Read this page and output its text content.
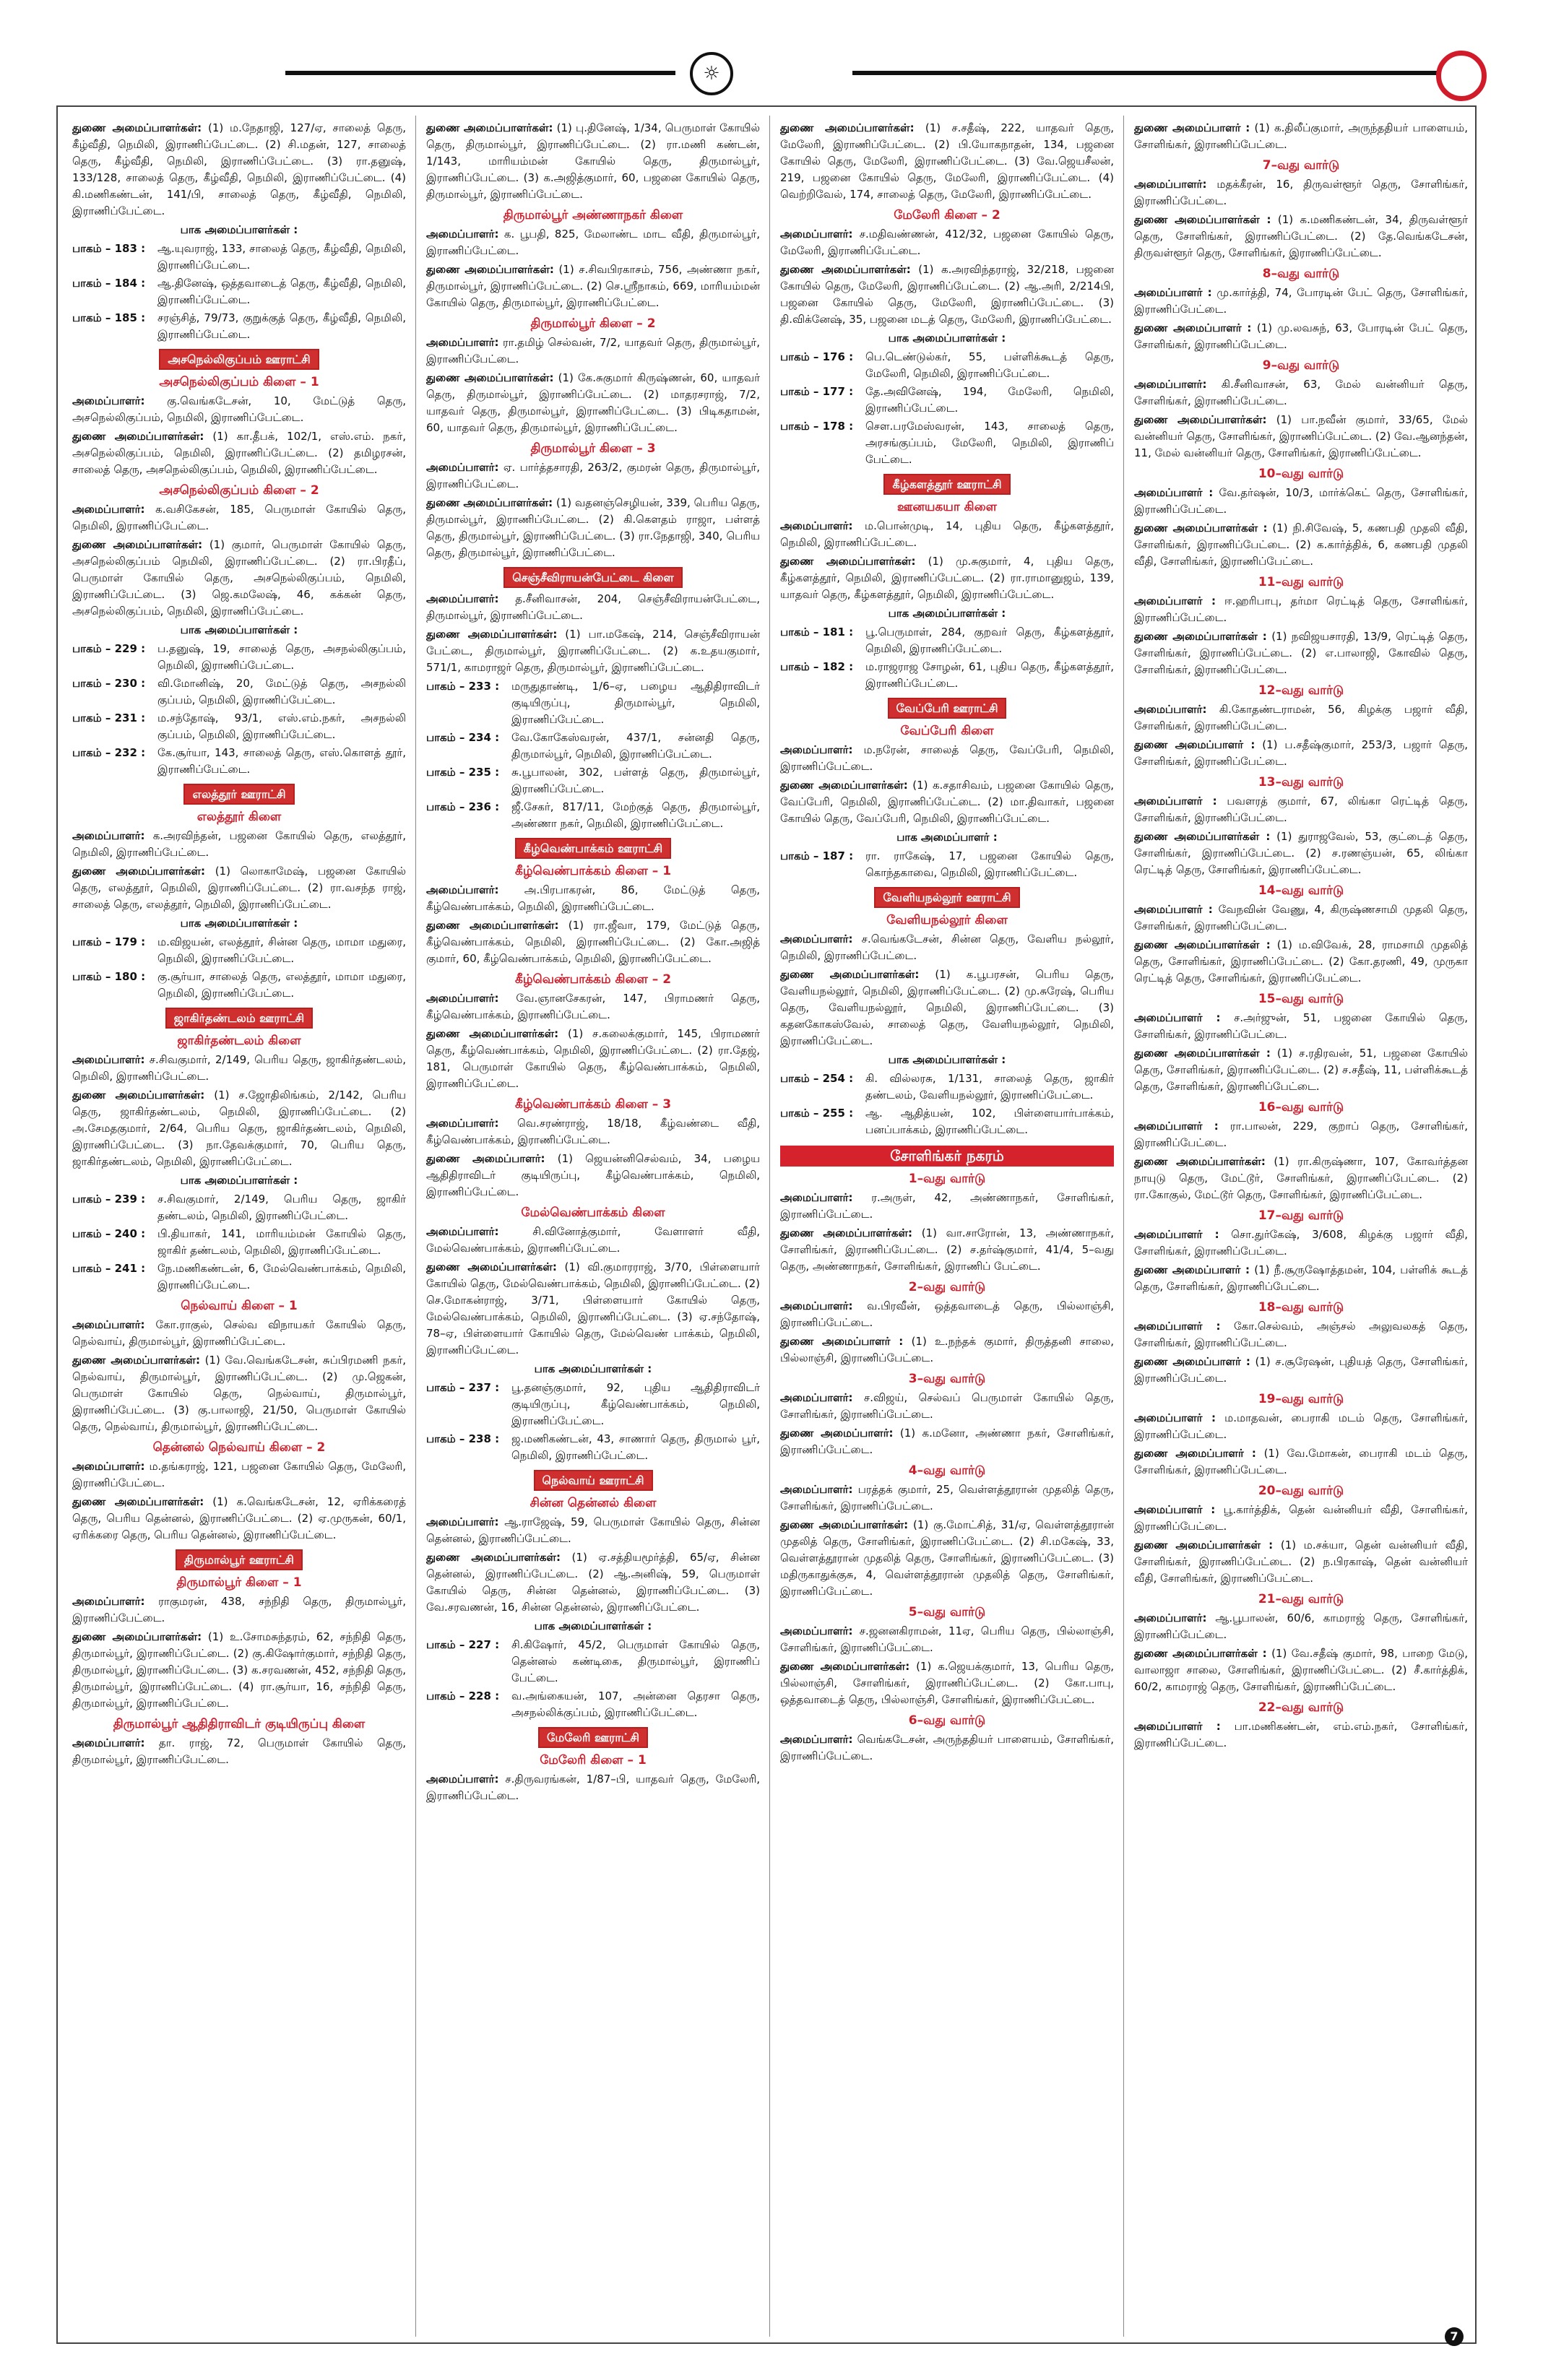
☼
துணை அமைப்பாளர்கள்: (1) ம.நேதாஜி, 127/ஏ, சாலைத் தெரு, கீழ்வீதி, நெமிலி, இராணிப்பேட்டை. (2) சி.மதன், 127, சாலைத் தெரு, கீழ்வீதி, நெமிலி, இராணிப்பேட்டை. (3) ரா.தனுஷ், 133/128, சாலைத் தெரு, கீழ்வீதி, நெமிலி, இராணிப்பேட்டை. (4) கி.மணிகண்டன், 141/பி, சாலைத் தெரு, கீழ்வீதி, நெமிலி, இராணிப்பேட்டை.
பாக அமைப்பாளர்கள் :
பாகம் – 183 :	ஆ.யுவராஜ், 133, சாலைத் தெரு, கீழ்வீதி, நெமிலி, இராணிப்பேட்டை.
பாகம் – 184 :	ஆ.தினேஷ், ஒத்தவாடைத் தெரு, கீழ்வீதி, நெமிலி, இராணிப்பேட்டை.
பாகம் – 185 :	சரஞ்சித், 79/73, குறுக்குத் தெரு, கீழ்வீதி, நெமிலி, இராணிப்பேட்டை.
அசநெல்லிகுப்பம் ஊராட்சி
அசநெல்லிகுப்பம் கிளை – 1
அமைப்பாளர்: கு.வெங்கடேசன், 10, மேட்டுத் தெரு, அசநெல்லிகுப்பம், நெமிலி, இராணிப்பேட்டை.
துணை அமைப்பாளர்கள்: (1) கா.தீபக், 102/1, எஸ்.எம். நகர், அசநெல்லிகுப்பம், நெமிலி, இராணிப்பேட்டை. (2) தமிழரசன், சாலைத் தெரு, அசநெல்லிகுப்பம், நெமிலி, இராணிப்பேட்டை.
அசநெல்லிகுப்பம் கிளை – 2
அமைப்பாளர்: க.வசிகேசன், 185, பெருமாள் கோயில் தெரு, நெமிலி, இராணிப்பேட்டை.
துணை அமைப்பாளர்கள்: (1) குமார், பெருமாள் கோயில் தெரு, அசநெல்லிகுப்பம் நெமிலி, இராணிப்பேட்டை. (2) ரா.பிரதீப், பெருமாள் கோயில் தெரு, அசநெல்லிகுப்பம், நெமிலி, இராணிப்பேட்டை. (3) ஜெ.கமலேஷ், 46, கக்கன் தெரு, அசநெல்லிகுப்பம், நெமிலி, இராணிப்பேட்டை.
பாக அமைப்பாளர்கள் :
பாகம் – 229 :	ப.தனுஷ், 19, சாலைத் தெரு, அசநல்லிகுப்பம், நெமிலி, இராணிப்பேட்டை.
பாகம் – 230 :	வி.மோனிஷ், 20, மேட்டுத் தெரு, அசநல்லி குப்பம், நெமிலி, இராணிப்பேட்டை.
பாகம் – 231 :	ம.சந்தோஷ், 93/1, எஸ்.எம்.நகர், அசநல்லி குப்பம், நெமிலி, இராணிப்பேட்டை.
பாகம் – 232 :	கே.சூர்யா, 143, சாலைத் தெரு, எஸ்.கொளத் தூர், இராணிப்பேட்டை.
எலத்தூர் ஊராட்சி
எலத்தூர் கிளை
அமைப்பாளர்: க.அரவிந்தன், பஜனை கோயில் தெரு, எலத்தூர், நெமிலி, இராணிப்பேட்டை.
துணை அமைப்பாளர்கள்: (1) லொகாமேஷ், பஜனை கோயில் தெரு, எலத்தூர், நெமிலி, இராணிப்பேட்டை. (2) ரா.வசந்த ராஜ், சாலைத் தெரு, எலத்தூர், நெமிலி, இராணிப்பேட்டை.
பாக அமைப்பாளர்கள் :
பாகம் – 179 :	ம.விஜயன், எலத்தூர், சின்ன தெரு, மாமா மதுரை, நெமிலி, இராணிப்பேட்டை.
பாகம் – 180 :	கு.சூர்யா, சாலைத் தெரு, எலத்தூர், மாமா மதுரை, நெமிலி, இராணிப்பேட்டை.
ஜாகிர்தண்டலம் ஊராட்சி
ஜாகிர்தண்டலம் கிளை
அமைப்பாளர்: ச.சிவகுமார், 2/149, பெரிய தெரு, ஜாகிர்தண்டலம், நெமிலி, இராணிப்பேட்டை.
துணை அமைப்பாளர்கள்: (1) ச.ஜோதிலிங்கம், 2/142, பெரிய தெரு, ஜாகிர்தண்டலம், நெமிலி, இராணிப்பேட்டை. (2) அ.சேமதகுமார், 2/64, பெரிய தெரு, ஜாகிர்தண்டலம், நெமிலி, இராணிப்பேட்டை. (3) நா.தேவக்குமார், 70, பெரிய தெரு, ஜாகிர்தண்டலம், நெமிலி, இராணிப்பேட்டை.
பாக அமைப்பாளர்கள் :
பாகம் – 239 :	ச.சிவகுமார், 2/149, பெரிய தெரு, ஜாகிர் தண்டலம், நெமிலி, இராணிப்பேட்டை.
பாகம் – 240 :	பி.தியாகர், 141, மாரியம்மன் கோயில் தெரு, ஜாகிர் தண்டலம், நெமிலி, இராணிப்பேட்டை.
பாகம் – 241 :	நே.மணிகண்டன், 6, மேல்வெண்பாக்கம், நெமிலி, இராணிப்பேட்டை.
நெல்வாய் கிளை – 1
அமைப்பாளர்: கோ.ராகுல், செல்வ விநாயகர் கோயில் தெரு, நெல்வாய், திருமால்பூர், இராணிப்பேட்டை.
துணை அமைப்பாளர்கள்: (1) வே.வெங்கடேசன், சுப்பிரமணி நகர், நெல்வாய், திருமால்பூர், இராணிப்பேட்டை. (2) மு.ஜெகன், பெருமாள் கோயில் தெரு, நெல்வாய், திருமால்பூர், இராணிப்பேட்டை. (3) கு.பாலாஜி, 21/50, பெருமாள் கோயில் தெரு, நெல்வாய், திருமால்பூர், இராணிப்பேட்டை.
தென்னல் நெல்வாய் கிளை – 2
அமைப்பாளர்: ம.தங்கராஜ், 121, பஜனை கோயில் தெரு, மேலேரி, இராணிப்பேட்டை.
துணை அமைப்பாளர்கள்: (1) க.வெங்கடேசன், 12, ஏரிக்கரைத் தெரு, பெரிய தென்னல், இராணிப்பேட்டை. (2) ஏ.முருகன், 60/1, ஏரிக்கரை தெரு, பெரிய தென்னல், இராணிப்பேட்டை.
திருமால்பூர் ஊராட்சி
திருமால்பூர் கிளை – 1
அமைப்பாளர்: ராகுமரன், 438, சந்நிதி தெரு, திருமால்பூர், இராணிப்பேட்டை.
துணை அமைப்பாளர்கள்: (1) உ.சோமசுந்தரம், 62, சந்நிதி தெரு, திருமால்பூர், இராணிப்பேட்டை. (2) கு.கிஷோர்குமார், சந்நிதி தெரு, திருமால்பூர், இராணிப்பேட்டை. (3) க.சரவணன், 452, சந்நிதி தெரு, திருமால்பூர், இராணிப்பேட்டை. (4) ரா.சூர்யா, 16, சந்நிதி தெரு, திருமால்பூர், இராணிப்பேட்டை.
திருமால்பூர் ஆதிதிராவிடர் குடியிருப்பு கிளை
அமைப்பாளர்: தா. ராஜ், 72, பெருமாள் கோயில் தெரு, திருமால்பூர், இராணிப்பேட்டை.
துணை அமைப்பாளர்கள்: (1) பு.தினேஷ், 1/34, பெருமாள் கோயில் தெரு, திருமால்பூர், இராணிப்பேட்டை. (2) ரா.மணி கண்டன், 1/143, மாரியம்மன் கோயில் தெரு, திருமால்பூர், இராணிப்பேட்டை. (3) க.அஜித்குமார், 60, பஜனை கோயில் தெரு, திருமால்பூர், இராணிப்பேட்டை.
திருமால்பூர் அண்ணாநகர் கிளை
அமைப்பாளர்: க. பூபதி, 825, மேலாண்ட மாட வீதி, திருமால்பூர், இராணிப்பேட்டை.
துணை அமைப்பாளர்கள்: (1) ச.சிவபிரகாசம், 756, அண்ணா நகர், திருமால்பூர், இராணிப்பேட்டை. (2) செ.ஸ்ரீநாகம், 669, மாரியம்மன் கோயில் தெரு, திருமால்பூர், இராணிப்பேட்டை.
திருமால்பூர் கிளை – 2
அமைப்பாளர்: ரா.தமிழ் செல்வன், 7/2, யாதவர் தெரு, திருமால்பூர், இராணிப்பேட்டை.
துணை அமைப்பாளர்கள்: (1) கே.சுகுமார் கிருஷ்ணன், 60, யாதவர் தெரு, திருமால்பூர், இராணிப்பேட்டை. (2) மாதரசராஜ், 7/2, யாதவர் தெரு, திருமால்பூர், இராணிப்பேட்டை. (3) பிடிகதாமன், 60, யாதவர் தெரு, திருமால்பூர், இராணிப்பேட்டை.
திருமால்பூர் கிளை – 3
அமைப்பாளர்: ஏ. பார்த்தசாரதி, 263/2, குமரன் தெரு, திருமால்பூர், இராணிப்பேட்டை.
துணை அமைப்பாளர்கள்: (1) வதனஞ்செழியன், 339, பெரிய தெரு, திருமால்பூர், இராணிப்பேட்டை. (2) கி.கௌதம் ராஜா, பள்ளத் தெரு, திருமால்பூர், இராணிப்பேட்டை. (3) ரா.நேதாஜி, 340, பெரிய தெரு, திருமால்பூர், இராணிப்பேட்டை.
செஞ்சீவிராயன்பேட்டை கிளை
அமைப்பாளர்: த.சீனிவாசன், 204, செஞ்சீவிராயன்பேட்டை, திருமால்பூர், இராணிப்பேட்டை.
துணை அமைப்பாளர்கள்: (1) பா.மகேஷ், 214, செஞ்சீவிராயன் பேட்டை, திருமால்பூர், இராணிப்பேட்டை. (2) க.உதயகுமார், 571/1, காமராஜர் தெரு, திருமால்பூர், இராணிப்பேட்டை.
பாகம் – 233 :	மருதுதாண்டி, 1/6–ஏ, பழைய ஆதிதிராவிடர் குடியிருப்பு, திருமால்பூர், நெமிலி, இராணிப்பேட்டை.
பாகம் – 234 :	வே.கோகேஸ்வரன், 437/1, சன்னதி தெரு, திருமால்பூர், நெமிலி, இராணிப்பேட்டை.
பாகம் – 235 :	சு.பூபாலன், 302, பள்ளத் தெரு, திருமால்பூர், இராணிப்பேட்டை.
பாகம் – 236 :	ஜீ.சேகர், 817/11, மேற்குத் தெரு, திருமால்பூர், அண்ணா நகர், நெமிலி, இராணிப்பேட்டை.
கீழ்வெண்பாக்கம் ஊராட்சி
கீழ்வெண்பாக்கம் கிளை – 1
அமைப்பாளர்: அ.பிரபாகரன், 86, மேட்டுத் தெரு, கீழ்வெண்பாக்கம், நெமிலி, இராணிப்பேட்டை.
துணை அமைப்பாளர்கள்: (1) ரா.ஜீவா, 179, மேட்டுத் தெரு, கீழ்வெண்பாக்கம், நெமிலி, இராணிப்பேட்டை. (2) கோ.அஜித் குமார், 60, கீழ்வெண்பாக்கம், நெமிலி, இராணிப்பேட்டை.
கீழ்வெண்பாக்கம் கிளை – 2
அமைப்பாளர்: வே.ஞானசேகரன், 147, பிராமணர் தெரு, கீழ்வெண்பாக்கம், இராணிப்பேட்டை.
துணை அமைப்பாளர்கள்: (1) ச.கலைக்குமார், 145, பிராமணர் தெரு, கீழ்வெண்பாக்கம், நெமிலி, இராணிப்பேட்டை. (2) ரா.தேஜ், 181, பெருமாள் கோயில் தெரு, கீழ்வெண்பாக்கம், நெமிலி, இராணிப்பேட்டை.
கீழ்வெண்பாக்கம் கிளை – 3
அமைப்பாளர்: வெ.சரண்ராஜ், 18/18, கீழ்வண்டை வீதி, கீழ்வெண்பாக்கம், இராணிப்பேட்டை.
துணை அமைப்பாளர்: (1) ஜெயன்னிசெல்வம், 34, பழைய ஆதிதிராவிடர் குடியிருப்பு, கீழ்வெண்பாக்கம், நெமிலி, இராணிப்பேட்டை.
மேல்வெண்பாக்கம் கிளை
அமைப்பாளர்: சி.வினோத்குமார், வேளாளர் வீதி, மேல்வெண்பாக்கம், இராணிப்பேட்டை.
துணை அமைப்பாளர்கள்: (1) வி.குமாரராஜ், 3/70, பிள்ளையார் கோயில் தெரு, மேல்வெண்பாக்கம், நெமிலி, இராணிப்பேட்டை. (2) செ.மோகன்ராஜ், 3/71, பிள்ளையார் கோயில் தெரு, மேல்வெண்பாக்கம், நெமிலி, இராணிப்பேட்டை. (3) ஏ.சந்தோஷ், 78–ஏ, பிள்ளையார் கோயில் தெரு, மேல்வெண் பாக்கம், நெமிலி, இராணிப்பேட்டை.
பாக அமைப்பாளர்கள் :
பாகம் – 237 :	பூ.தனஞ்குமார், 92, புதிய ஆதிதிராவிடர் குடியிருப்பு, கீழ்வெண்பாக்கம், நெமிலி, இராணிப்பேட்டை.
பாகம் – 238 :	ஜ.மணிகண்டன், 43, சாணார் தெரு, திருமால் பூர், நெமிலி, இராணிப்பேட்டை.
நெல்வாய் ஊராட்சி
சின்ன தென்னல் கிளை
அமைப்பாளர்: ஆ.ராஜேஷ், 59, பெருமாள் கோயில் தெரு, சின்ன தென்னல், இராணிப்பேட்டை.
துணை அமைப்பாளர்கள்: (1) ஏ.சத்தியமூர்த்தி, 65/ஏ, சின்ன தென்னல், இராணிப்பேட்டை. (2) ஆ.அனிஷ், 59, பெருமாள் கோயில் தெரு, சின்ன தென்னல், இராணிப்பேட்டை. (3) வே.சரவணன், 16, சின்ன தென்னல், இராணிப்பேட்டை.
பாக அமைப்பாளர்கள் :
பாகம் – 227 :	சி.கிஷோர், 45/2, பெருமாள் கோயில் தெரு, தென்னல் கண்டிகை, திருமால்பூர், இராணிப் பேட்டை.
பாகம் – 228 :	வ.அங்கையன், 107, அன்னை தெரசா தெரு, அசநல்லிக்குப்பம், இராணிப்பேட்டை.
மேலேரி ஊராட்சி
மேலேரி கிளை – 1
அமைப்பாளர்: ச.திருவரங்கன், 1/87–பி, யாதவர் தெரு, மேலேரி, இராணிப்பேட்டை.
துணை அமைப்பாளர்கள்: (1) ச.சதீஷ், 222, யாதவர் தெரு, மேலேரி, இராணிப்பேட்டை. (2) பி.யோகநாதன், 134, பஜனை கோயில் தெரு, மேலேரி, இராணிப்பேட்டை. (3) வே.ஜெயசீலன், 219, பஜனை கோயில் தெரு, மேலேரி, இராணிப்பேட்டை. (4) வெற்றிவேல், 174, சாலைத் தெரு, மேலேரி, இராணிப்பேட்டை.
மேலேரி கிளை – 2
அமைப்பாளர்: ச.மதிவண்ணன், 412/32, பஜனை கோயில் தெரு, மேலேரி, இராணிப்பேட்டை.
துணை அமைப்பாளர்கள்: (1) க.அரவிந்தராஜ், 32/218, பஜனை கோயில் தெரு, மேலேரி, இராணிப்பேட்டை. (2) ஆ.அரி, 2/214பி, பஜனை கோயில் தெரு, மேலேரி, இராணிப்பேட்டை. (3) தி.விக்னேஷ், 35, பஜனை மடத் தெரு, மேலேரி, இராணிப்பேட்டை.
பாக அமைப்பாளர்கள் :
பாகம் – 176 :	பெ.டெண்டுல்கர், 55, பள்ளிக்கூடத் தெரு, மேலேரி, நெமிலி, இராணிப்பேட்டை.
பாகம் – 177 :	தே.அவினேஷ், 194, மேலேரி, நெமிலி, இராணிப்பேட்டை.
பாகம் – 178 :	சௌ.பரமேஸ்வரன், 143, சாலைத் தெரு, அரசங்குப்பம், மேலேரி, நெமிலி, இராணிப் பேட்டை.
கீழ்களத்தூர் ஊராட்சி
ஊனயகயா கிளை
அமைப்பாளர்: ம.பொன்முடி, 14, புதிய தெரு, கீழ்களத்தூர், நெமிலி, இராணிப்பேட்டை.
துணை அமைப்பாளர்கள்: (1) மு.சுகுமார், 4, புதிய தெரு, கீழ்களத்தூர், நெமிலி, இராணிப்பேட்டை. (2) ரா.ராமானுஜம், 139, யாதவர் தெரு, கீழ்களத்தூர், நெமிலி, இராணிப்பேட்டை.
பாக அமைப்பாளர்கள் :
பாகம் – 181 :	பூ.பெருமாள், 284, குறவர் தெரு, கீழ்களத்தூர், நெமிலி, இராணிப்பேட்டை.
பாகம் – 182 :	ம.ராஜராஜ சோழன், 61, புதிய தெரு, கீழ்களத்தூர், இராணிப்பேட்டை.
வேப்பேரி ஊராட்சி
வேப்பேரி கிளை
அமைப்பாளர்: ம.நரேன், சாலைத் தெரு, வேப்பேரி, நெமிலி, இராணிப்பேட்டை.
துணை அமைப்பாளர்கள்: (1) க.சதாசிவம், பஜனை கோயில் தெரு, வேப்பேரி, நெமிலி, இராணிப்பேட்டை. (2) மா.திவாகர், பஜனை கோயில் தெரு, வேப்பேரி, நெமிலி, இராணிப்பேட்டை.
பாக அமைப்பாளர் :
பாகம் – 187 :	ரா. ராகேஷ், 17, பஜனை கோயில் தெரு, கொந்தகாவை, நெமிலி, இராணிப்பேட்டை.
வேளியநல்லூர் ஊராட்சி
வேளியநல்லூர் கிளை
அமைப்பாளர்: ச.வெங்கடேசன், சின்ன தெரு, வேளிய நல்லூர், நெமிலி, இராணிப்பேட்டை.
துணை அமைப்பாளர்கள்: (1) க.பூபரசன், பெரிய தெரு, வேளியநல்லூர், நெமிலி, இராணிப்பேட்டை. (2) மு.சுரேஷ், பெரிய தெரு, வேளியநல்லூர், நெமிலி, இராணிப்பேட்டை. (3) கதனகோகஸ்வேல், சாலைத் தெரு, வேளியநல்லூர், நெமிலி, இராணிப்பேட்டை.
பாக அமைப்பாளர்கள் :
பாகம் – 254 :	கி. வில்லரசு, 1/131, சாலைத் தெரு, ஜாகிர் தண்டலம், வேளியநல்லூர், இராணிப்பேட்டை.
பாகம் – 255 :	ஆ. ஆதித்யன், 102, பிள்ளையார்பாக்கம், பனப்பாக்கம், இராணிப்பேட்டை.
சோளிங்கர் நகரம்
1–வது வார்டு
அமைப்பாளர்: ர.அருள், 42, அண்ணாநகர், சோளிங்கர், இராணிப்பேட்டை.
துணை அமைப்பாளர்கள்: (1) வா.சாரோன், 13, அண்ணாநகர், சோளிங்கர், இராணிப்பேட்டை. (2) ச.தர்ஷ்குமார், 41/4, 5–வது தெரு, அண்ணாநகர், சோளிங்கர், இராணிப் பேட்டை.
2–வது வார்டு
அமைப்பாளர்: வ.பிரவீன், ஒத்தவாடைத் தெரு, பில்லாஞ்சி, இராணிப்பேட்டை.
துணை அமைப்பாளர் : (1) உ.நந்தக் குமார், திருத்தனி சாலை, பில்லாஞ்சி, இராணிப்பேட்டை.
3–வது வார்டு
அமைப்பாளர்: ச.விஜய், செல்வப் பெருமாள் கோயில் தெரு, சோளிங்கர், இராணிப்பேட்டை.
துணை அமைப்பாளர்: (1) க.மனோ, அண்ணா நகர், சோளிங்கர், இராணிப்பேட்டை.
4–வது வார்டு
அமைப்பாளர்: பரத்தக் குமார், 25, வெள்ளத்தூரான் முதலித் தெரு, சோளிங்கர், இராணிப்பேட்டை.
துணை அமைப்பாளர்கள்: (1) கு.மோட்சித், 31/ஏ, வெள்ளத்தூரான் முதலித் தெரு, சோளிங்கர், இராணிப்பேட்டை. (2) சி.மகேஷ், 33, வெள்ளத்தூரான் முதலித் தெரு, சோளிங்கர், இராணிப்பேட்டை. (3) மதிருகாதுக்குசு, 4, வெள்ளத்தூரான் முதலித் தெரு, சோளிங்கர், இராணிப்பேட்டை.
5–வது வார்டு
அமைப்பாளர்: ச.ஜனனகிராமன், 11ஏ, பெரிய தெரு, பில்லாஞ்சி, சோளிங்கர், இராணிப்பேட்டை.
துணை அமைப்பாளர்கள்: (1) க.ஜெயக்குமார், 13, பெரிய தெரு, பில்லாஞ்சி, சோளிங்கர், இராணிப்பேட்டை. (2) கோ.பாபு, ஒத்தவாடைத் தெரு, பில்லாஞ்சி, சோளிங்கர், இராணிப்பேட்டை.
6–வது வார்டு
அமைப்பாளர்: வெங்கடேசன், அருந்ததியர் பாளையம், சோளிங்கர், இராணிப்பேட்டை.
துணை அமைப்பாளர் : (1) க.திலீப்குமார், அருந்ததியர் பாளையம், சோளிங்கர், இராணிப்பேட்டை.
7–வது வார்டு
அமைப்பாளர்: மதக்கீரன், 16, திருவள்ளூர் தெரு, சோளிங்கர், இராணிப்பேட்டை.
துணை அமைப்பாளர்கள் : (1) க.மணிகண்டன், 34, திருவள்ளூர் தெரு, சோளிங்கர், இராணிப்பேட்டை. (2) தே.வெங்கடேசன், திருவள்ளூர் தெரு, சோளிங்கர், இராணிப்பேட்டை.
8–வது வார்டு
அமைப்பாளர் : மு.கார்த்தி, 74, போரடின் பேட் தெரு, சோளிங்கர், இராணிப்பேட்டை.
துணை அமைப்பாளர் : (1) மு.லவசுந், 63, போரடின் பேட் தெரு, சோளிங்கர், இராணிப்பேட்டை.
9–வது வார்டு
அமைப்பாளர்: கி.சீனிவாசன், 63, மேல் வன்னியர் தெரு, சோளிங்கர், இராணிப்பேட்டை.
துணை அமைப்பாளர்கள்: (1) பா.நவீன் குமார், 33/65, மேல் வன்னியர் தெரு, சோளிங்கர், இராணிப்பேட்டை. (2) வே.ஆனந்தன், 11, மேல் வன்னியர் தெரு, சோளிங்கர், இராணிப்பேட்டை.
10–வது வார்டு
அமைப்பாளர் : வே.தர்ஷன், 10/3, மார்க்கெட் தெரு, சோளிங்கர், இராணிப்பேட்டை.
துணை அமைப்பாளர்கள் : (1) நி.சிவேஷ், 5, கணபதி முதலி வீதி, சோளிங்கர், இராணிப்பேட்டை. (2) க.கார்த்திக், 6, கணபதி முதலி வீதி, சோளிங்கர், இராணிப்பேட்டை.
11–வது வார்டு
அமைப்பாளர் : ஈ.ஹரிபாபு, தர்மா ரெட்டித் தெரு, சோளிங்கர், இராணிப்பேட்டை.
துணை அமைப்பாளர்கள் : (1) நவிஜயசாரதி, 13/9, ரெட்டித் தெரு, சோளிங்கர், இராணிப்பேட்டை. (2) எ.பாலாஜி, கோவில் தெரு, சோளிங்கர், இராணிப்பேட்டை.
12–வது வார்டு
அமைப்பாளர்: கி.கோதண்டராமன், 56, கிழக்கு பஜார் வீதி, சோளிங்கர், இராணிப்பேட்டை.
துணை அமைப்பாளர் : (1) ப.சதீஷ்குமார், 253/3, பஜார் தெரு, சோளிங்கர், இராணிப்பேட்டை.
13–வது வார்டு
அமைப்பாளர் : பவளரத் குமார், 67, லிங்கா ரெட்டித் தெரு, சோளிங்கர், இராணிப்பேட்டை.
துணை அமைப்பாளர்கள் : (1) துராஜவேல், 53, குட்டைத் தெரு, சோளிங்கர், இராணிப்பேட்டை. (2) ச.ரணஞ்யன், 65, லிங்கா ரெட்டித் தெரு, சோளிங்கர், இராணிப்பேட்டை.
14–வது வார்டு
அமைப்பாளர் : வேநவின் வேணு, 4, கிருஷ்ணசாமி முதலி தெரு, சோளிங்கர், இராணிப்பேட்டை.
துணை அமைப்பாளர்கள் : (1) ம.விவேக், 28, ராமசாமி முதலித் தெரு, சோளிங்கர், இராணிப்பேட்டை. (2) கோ.தரணி, 49, முருகா ரெட்டித் தெரு, சோளிங்கர், இராணிப்பேட்டை.
15–வது வார்டு
அமைப்பாளர் : ச.அர்ஜுன், 51, பஜனை கோயில் தெரு, சோளிங்கர், இராணிப்பேட்டை.
துணை அமைப்பாளர்கள் : (1) ச.ரதிரவன், 51, பஜனை கோயில் தெரு, சோளிங்கர், இராணிப்பேட்டை. (2) ச.சதீஷ், 11, பள்ளிக்கூடத் தெரு, சோளிங்கர், இராணிப்பேட்டை.
16–வது வார்டு
அமைப்பாளர் : ரா.பாலன், 229, குறாப் தெரு, சோளிங்கர், இராணிப்பேட்டை.
துணை அமைப்பாளர்கள்: (1) ரா.கிருஷ்ணா, 107, கோவர்த்தன நாயுடு தெரு, மேட்டூர், சோளிங்கர், இராணிப்பேட்டை. (2) ரா.கோகுல், மேட்டூர் தெரு, சோளிங்கர், இராணிப்பேட்டை.
17–வது வார்டு
அமைப்பாளர் : சொ.துர்கேஷ், 3/608, கிழக்கு பஜார் வீதி, சோளிங்கர், இராணிப்பேட்டை.
துணை அமைப்பாளர் : (1) நீ.சூருஷோத்தமன், 104, பள்ளிக் கூடத் தெரு, சோளிங்கர், இராணிப்பேட்டை.
18–வது வார்டு
அமைப்பாளர் : கோ.செல்வம், அஞ்சல் அலுவலகத் தெரு, சோளிங்கர், இராணிப்பேட்டை.
துணை அமைப்பாளர் : (1) ச.சூரேஷன், புதியத் தெரு, சோளிங்கர், இராணிப்பேட்டை.
19–வது வார்டு
அமைப்பாளர் : ம.மாதவன், பைராகி மடம் தெரு, சோளிங்கர், இராணிப்பேட்டை.
துணை அமைப்பாளர் : (1) வே.மோகன், பைராகி மடம் தெரு, சோளிங்கர், இராணிப்பேட்டை.
20–வது வார்டு
அமைப்பாளர் : பூ.கார்த்திக், தென் வன்னியர் வீதி, சோளிங்கர், இராணிப்பேட்டை.
துணை அமைப்பாளர்கள் : (1) ம.சக்யா, தென் வன்னியர் வீதி, சோளிங்கர், இராணிப்பேட்டை. (2) ந.பிரகாஷ், தென் வன்னியர் வீதி, சோளிங்கர், இராணிப்பேட்டை.
21–வது வார்டு
அமைப்பாளர்: ஆ.பூபாலன், 60/6, காமராஜ் தெரு, சோளிங்கர், இராணிப்பேட்டை.
துணை அமைப்பாளர்கள் : (1) வே.சதீஷ் குமார், 98, பாறை மேடு, வாலாஜா சாலை, சோளிங்கர், இராணிப்பேட்டை. (2) சீ.கார்த்திக், 60/2, காமராஜ் தெரு, சோளிங்கர், இராணிப்பேட்டை.
22–வது வார்டு
அமைப்பாளர் : பா.மணிகண்டன், எம்.எம்.நகர், சோளிங்கர், இராணிப்பேட்டை.
7
